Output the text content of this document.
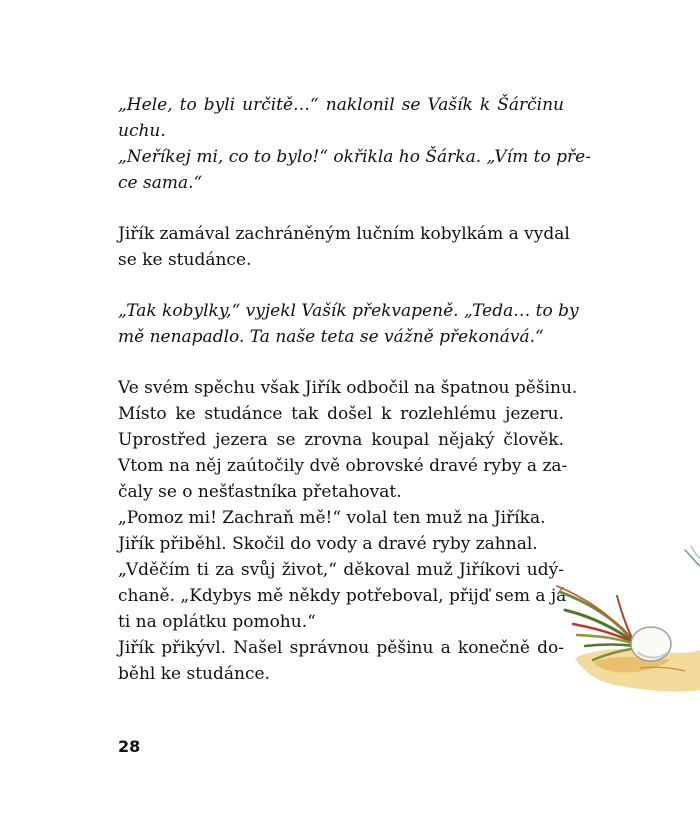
„Hele, to byli určitě…“ naklonil se Vašík k Šárčinu

uchu.

„Neříkej mi, co to bylo!“ okřikla ho Šárka. „Vím to pře-

ce sama.“

Jiřík zamával zachráněným lučním kobylkám a vydal

se ke studánce.

„Tak kobylky,“ vyjekl Vašík překvapeně. „Teda… to by

mě nenapadlo. Ta naše teta se vážně překonává.“

Ve svém spěchu však Jiřík odbočil na špatnou pěšinu.

Místo ke studánce tak došel k rozlehlému jezeru.

Uprostřed jezera se zrovna koupal nějaký člověk.

Vtom na něj zaútočily dvě obrovské dravé ryby a za-

čaly se o nešťastníka přetahovat.

„Pomoz mi! Zachraň mě!“ volal ten muž na Jiříka.

Jiřík přiběhl. Skočil do vody a dravé ryby zahnal.

„Vděčím ti za svůj život,“ děkoval muž Jiříkovi udý-

chaně. „Kdybys mě někdy potřeboval, přijď sem a já

ti na oplátku pomohu.“

Jiřík přikývl. Našel správnou pěšinu a konečně do-

běhl ke studánce.

28
